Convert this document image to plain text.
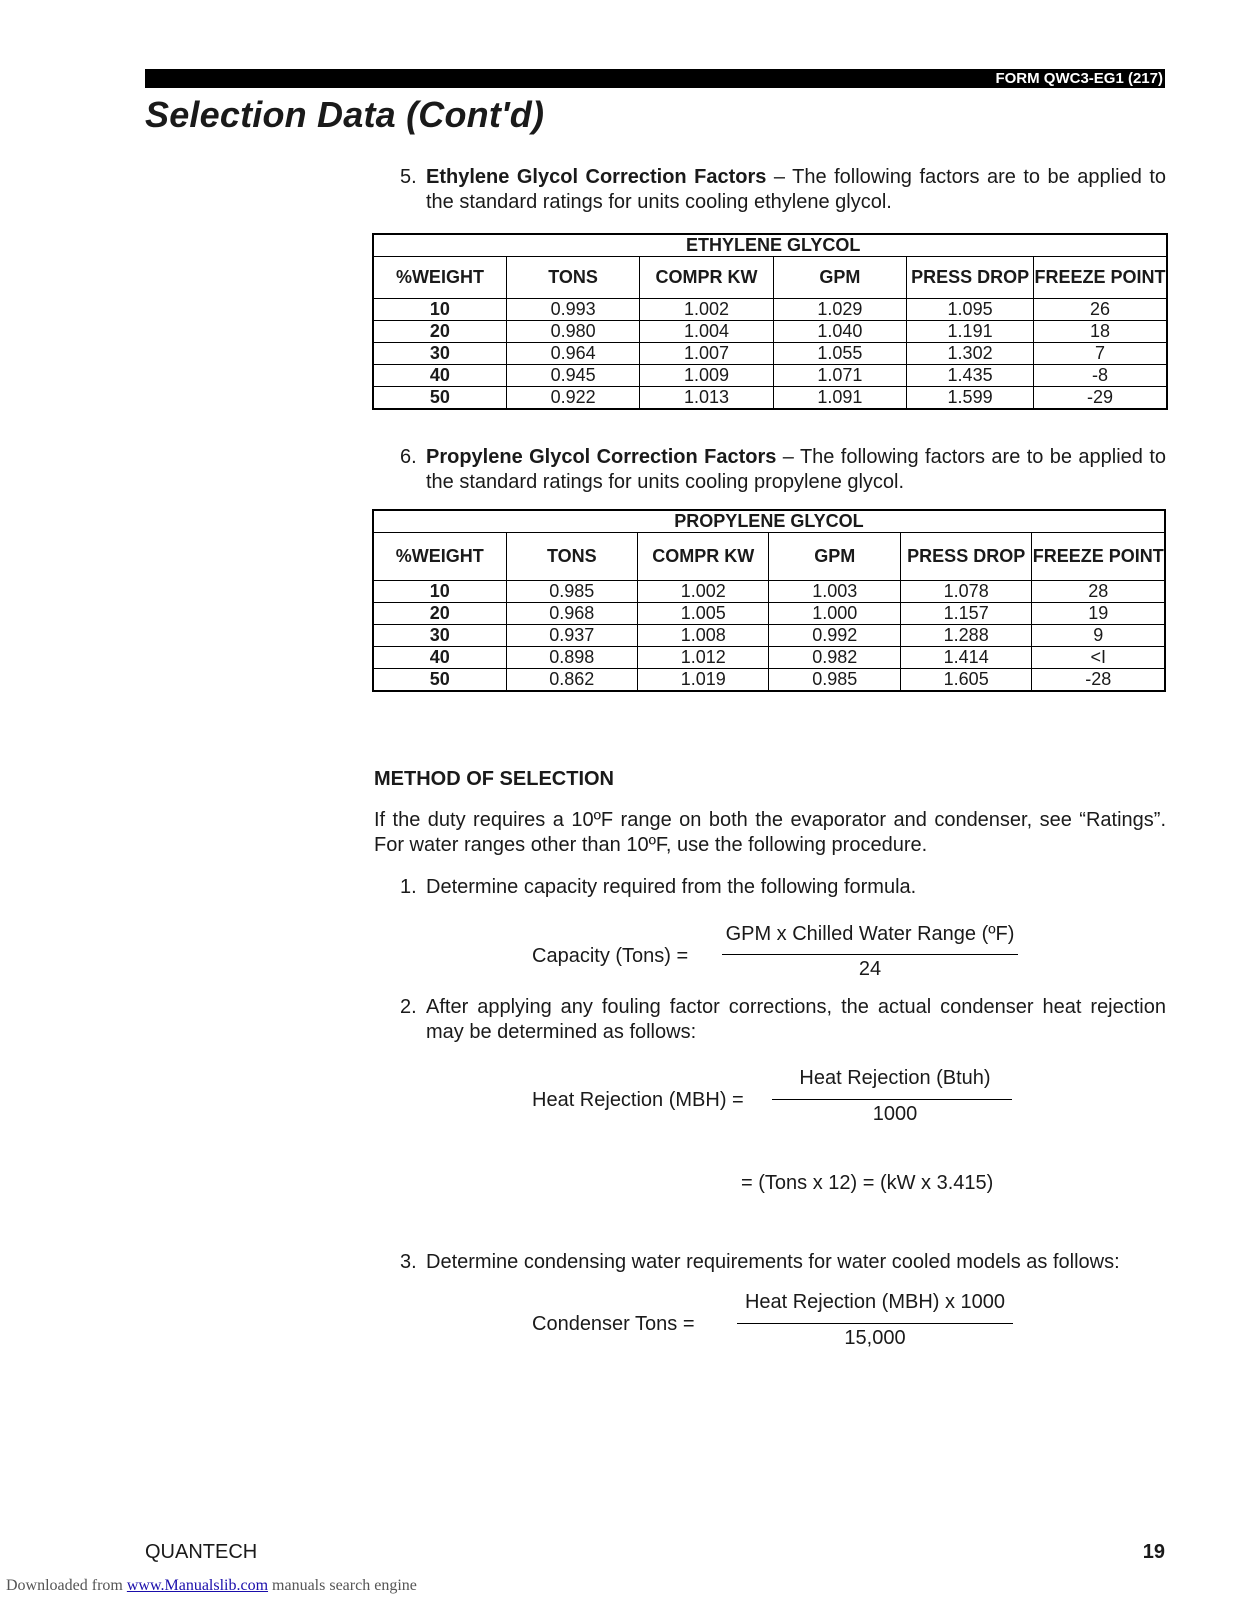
FORM QWC3-EG1 (217)
Selection Data (Cont'd)
5. Ethylene Glycol Correction Factors – The following factors are to be applied to the standard ratings for units cooling ethylene glycol.
		ETHYLENE GLYCOL			
%WEIGHT	TONS	COMPR KW	GPM	PRESS DROP	FREEZE POINT
10	0.993	1.002	1.029	1.095	26
20	0.980	1.004	1.040	1.191	18
30	0.964	1.007	1.055	1.302	7
40	0.945	1.009	1.071	1.435	-8
50	0.922	1.013	1.091	1.599	-29
6. Propylene Glycol Correction Factors – The following factors are to be applied to the standard ratings for units cooling propylene glycol.
		PROPYLENE GLYCOL			
%WEIGHT	TONS	COMPR KW	GPM	PRESS DROP	FREEZE POINT
10	0.985	1.002	1.003	1.078	28
20	0.968	1.005	1.000	1.157	19
30	0.937	1.008	0.992	1.288	9
40	0.898	1.012	0.982	1.414	<I
50	0.862	1.019	0.985	1.605	-28
METHOD OF SELECTION
If the duty requires a 10ºF range on both the evaporator and condenser, see “Ratings”. For water ranges other than 10ºF, use the following procedure.
1. Determine capacity required from the following formula.
Capacity (Tons) =
GPM x Chilled Water Range (ºF)
24
2. After applying any fouling factor corrections, the actual condenser heat rejection may be determined as follows:
Heat Rejection (MBH) =
Heat Rejection (Btuh)
1000
= (Tons x 12) = (kW x 3.415)
3. Determine condensing water requirements for water cooled models as follows:
Condenser Tons =
Heat Rejection (MBH) x 1000
15,000
QUANTECH	19
Downloaded from www.Manualslib.com manuals search engine
